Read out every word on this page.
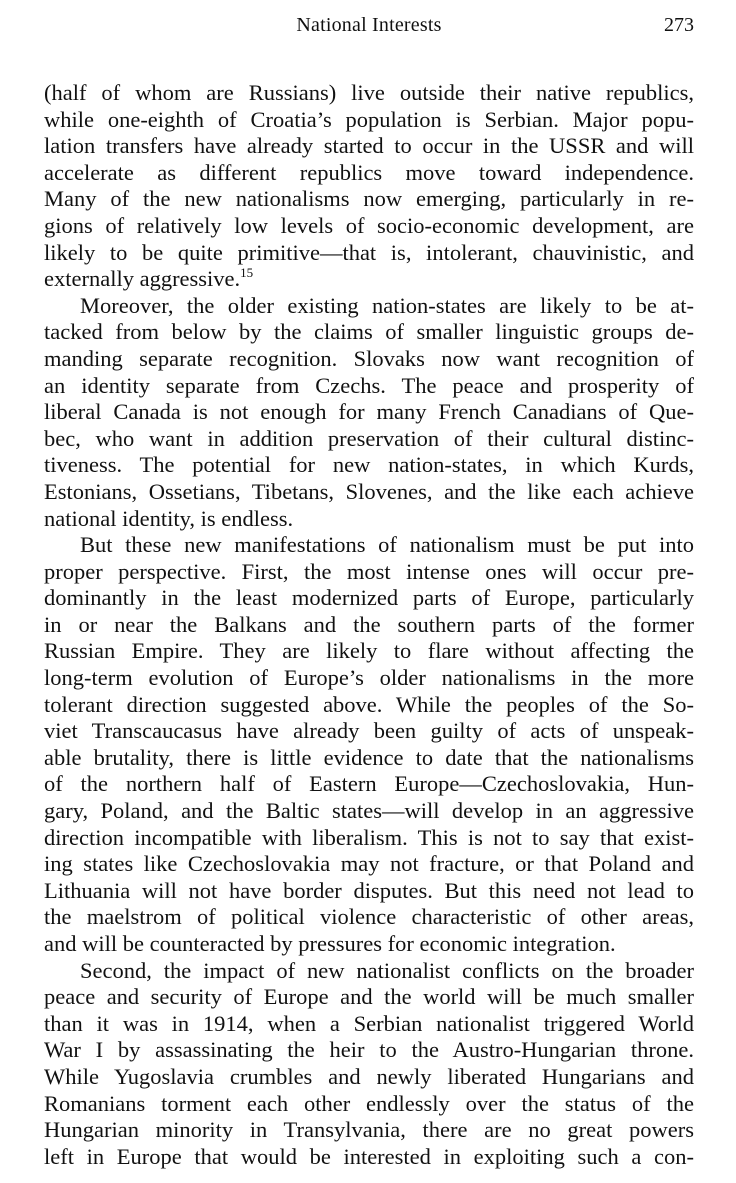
National Interests	273
(half of whom are Russians) live outside their native republics,
while one-eighth of Croatia’s population is Serbian. Major popu-
lation transfers have already started to occur in the USSR and will
accelerate as different republics move toward independence.
Many of the new nationalisms now emerging, particularly in re-
gions of relatively low levels of socio-economic development, are
likely to be quite primitive—that is, intolerant, chauvinistic, and
externally aggressive.$^{15}$
Moreover, the older existing nation-states are likely to be at-
tacked from below by the claims of smaller linguistic groups de-
manding separate recognition. Slovaks now want recognition of
an identity separate from Czechs. The peace and prosperity of
liberal Canada is not enough for many French Canadians of Que-
bec, who want in addition preservation of their cultural distinc-
tiveness. The potential for new nation-states, in which Kurds,
Estonians, Ossetians, Tibetans, Slovenes, and the like each achieve
national identity, is endless.
But these new manifestations of nationalism must be put into
proper perspective. First, the most intense ones will occur pre-
dominantly in the least modernized parts of Europe, particularly
in or near the Balkans and the southern parts of the former
Russian Empire. They are likely to flare without affecting the
long-term evolution of Europe’s older nationalisms in the more
tolerant direction suggested above. While the peoples of the So-
viet Transcaucasus have already been guilty of acts of unspeak-
able brutality, there is little evidence to date that the nationalisms
of the northern half of Eastern Europe—Czechoslovakia, Hun-
gary, Poland, and the Baltic states—will develop in an aggressive
direction incompatible with liberalism. This is not to say that exist-
ing states like Czechoslovakia may not fracture, or that Poland and
Lithuania will not have border disputes. But this need not lead to
the maelstrom of political violence characteristic of other areas,
and will be counteracted by pressures for economic integration.
Second, the impact of new nationalist conflicts on the broader
peace and security of Europe and the world will be much smaller
than it was in 1914, when a Serbian nationalist triggered World
War I by assassinating the heir to the Austro-Hungarian throne.
While Yugoslavia crumbles and newly liberated Hungarians and
Romanians torment each other endlessly over the status of the
Hungarian minority in Transylvania, there are no great powers
left in Europe that would be interested in exploiting such a con-
